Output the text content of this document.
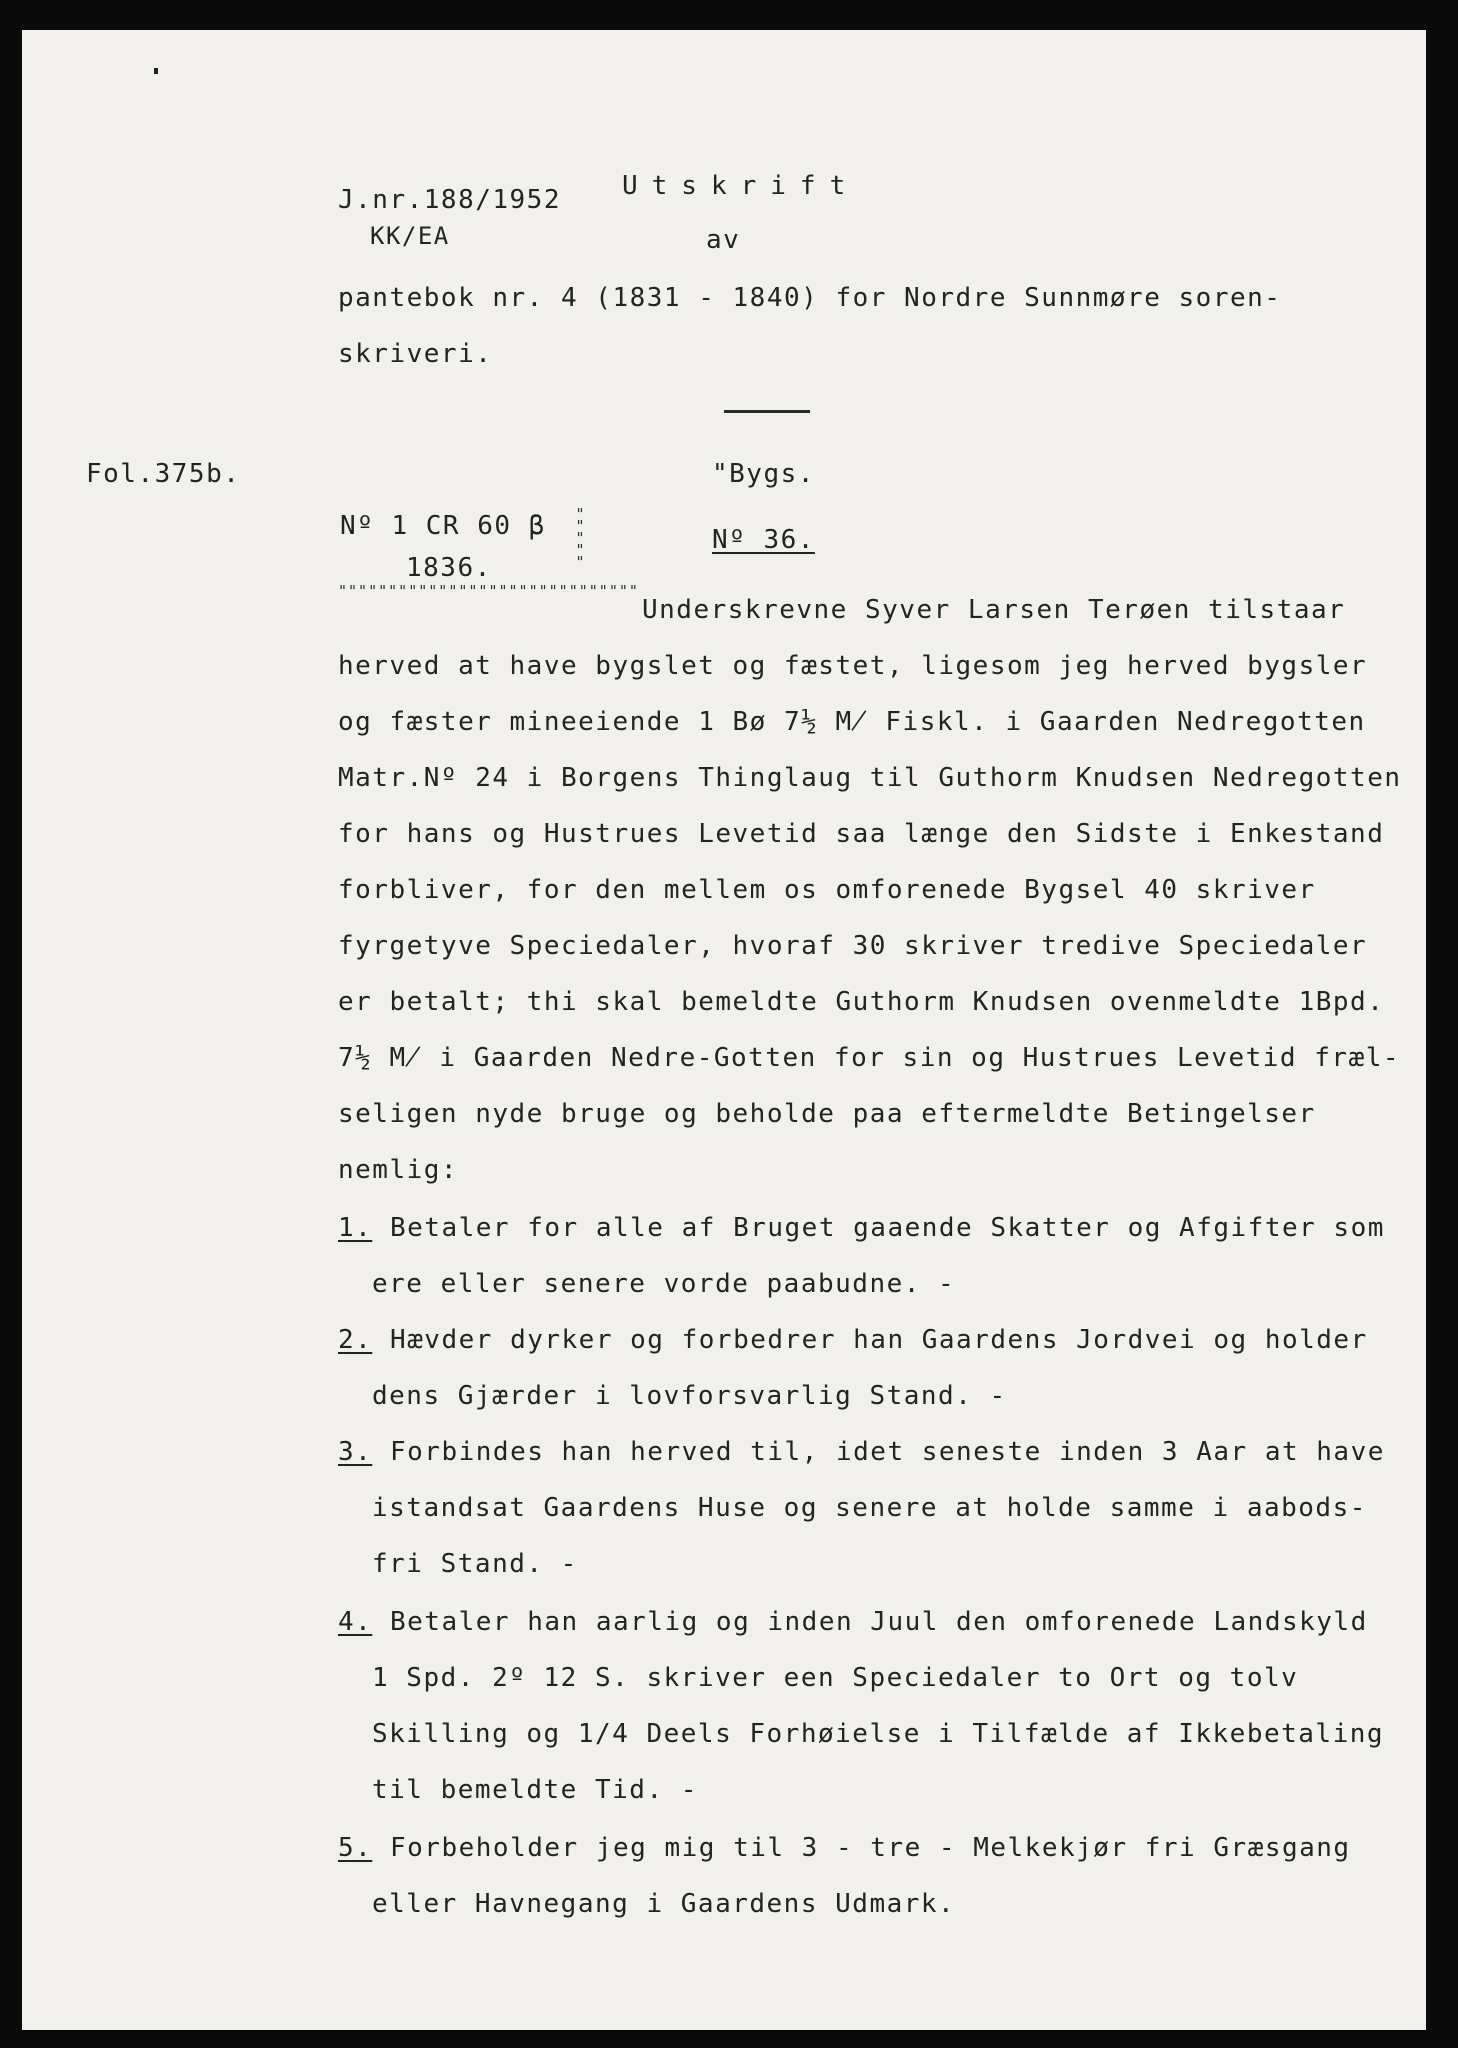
J.nr.188/1952
KK/EA
Utskrift
av
pantebok nr. 4 (1831 - 1840) for Nordre Sunnmøre soren-
skriveri.
Fol.375b.
Nº 1 CR 60 β
1836.
""""""""""""""""""""""""""""""
" " " " "
"Bygs.
Nº 36.
Underskrevne Syver Larsen Terøen tilstaar
herved at have bygslet og fæstet, ligesom jeg herved bygsler
og fæster mineeiende 1 Bø 7½ M̸ Fiskl. i Gaarden Nedregotten
Matr.Nº 24 i Borgens Thinglaug til Guthorm Knudsen Nedregotten
for hans og Hustrues Levetid saa længe den Sidste i Enkestand
forbliver, for den mellem os omforenede Bygsel 40 skriver
fyrgetyve Speciedaler, hvoraf 30 skriver tredive Speciedaler
er betalt; thi skal bemeldte Guthorm Knudsen ovenmeldte 1Bpd.
7½ M̸ i Gaarden Nedre-Gotten for sin og Hustrues Levetid fræl-
seligen nyde bruge og beholde paa eftermeldte Betingelser
nemlig:
1. Betaler for alle af Bruget gaaende Skatter og Afgifter som
ere eller senere vorde paabudne. -
2. Hævder dyrker og forbedrer han Gaardens Jordvei og holder
dens Gjærder i lovforsvarlig Stand. -
3. Forbindes han herved til, idet seneste inden 3 Aar at have
istandsat Gaardens Huse og senere at holde samme i aabods-
fri Stand. -
4. Betaler han aarlig og inden Juul den omforenede Landskyld
1 Spd. 2º 12 S. skriver een Speciedaler to Ort og tolv
Skilling og 1/4 Deels Forhøielse i Tilfælde af Ikkebetaling
til bemeldte Tid. -
5. Forbeholder jeg mig til 3 - tre - Melkekjør fri Græsgang
eller Havnegang i Gaardens Udmark.
